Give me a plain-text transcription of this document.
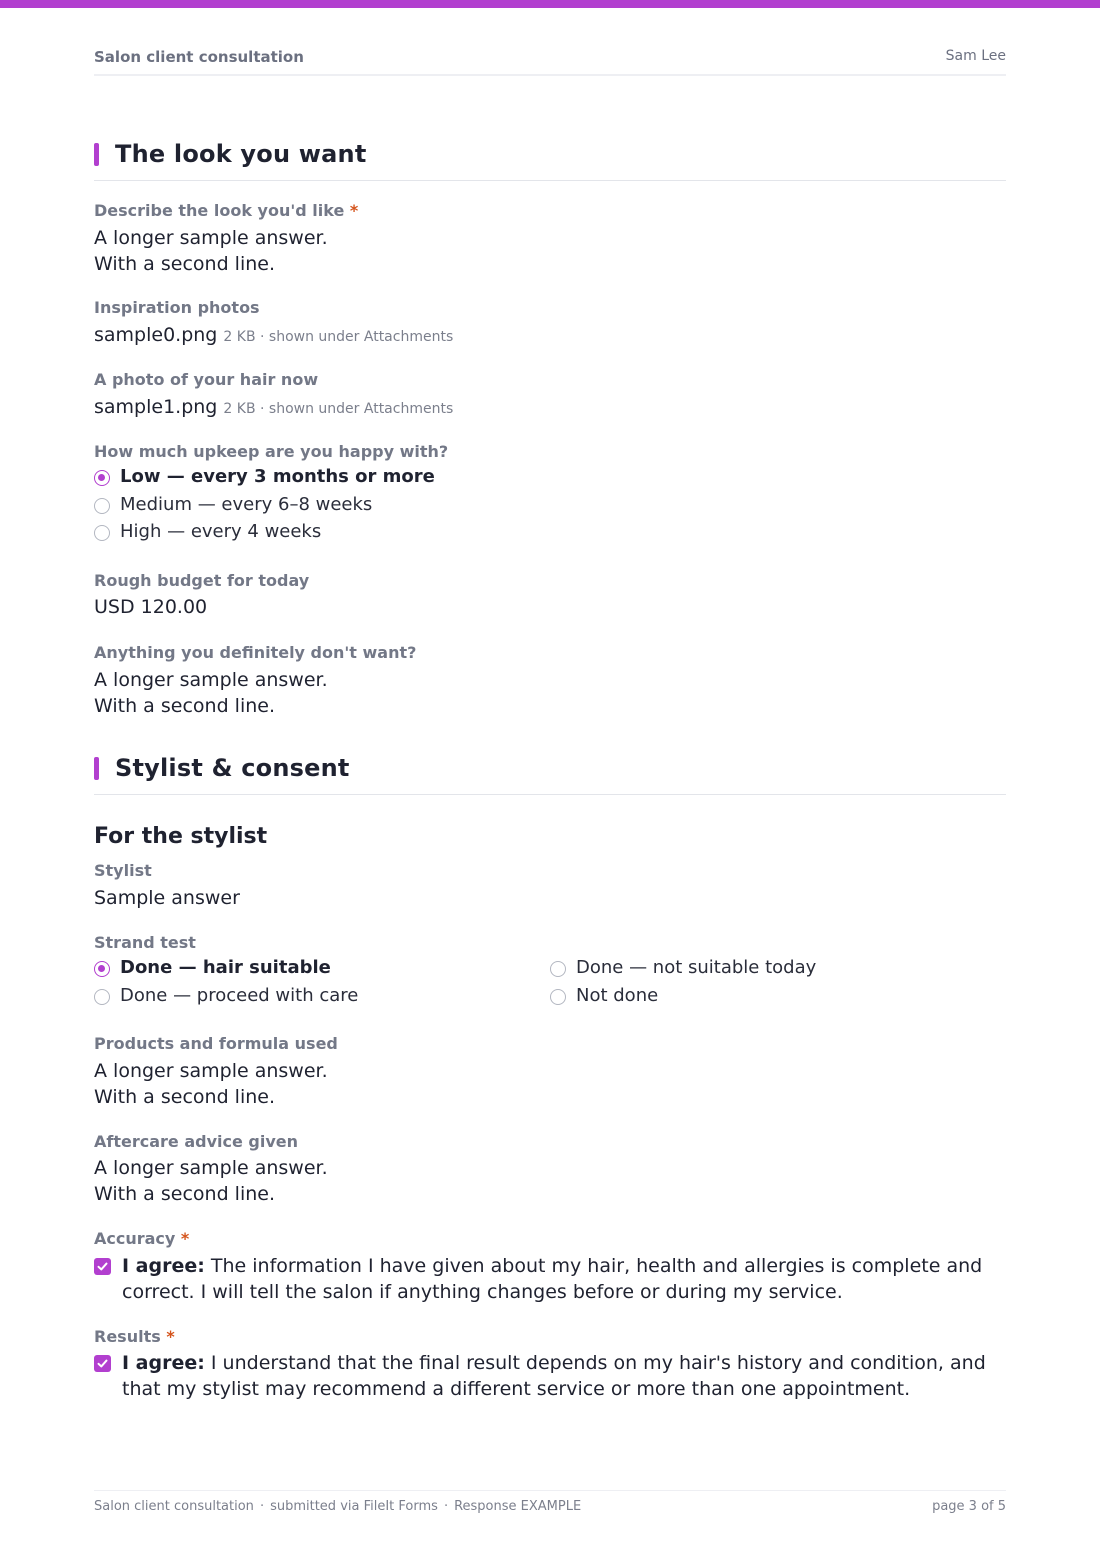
Salon client consultation	Sam Lee
The look you want
Describe the look you'd like *
A longer sample answer.
With a second line.
Inspiration photos
sample0.png 2 KB · shown under Attachments
A photo of your hair now
sample1.png 2 KB · shown under Attachments
How much upkeep are you happy with?
Low — every 3 months or more
Medium — every 6–8 weeks
High — every 4 weeks
Rough budget for today
USD 120.00
Anything you definitely don't want?
A longer sample answer.
With a second line.
Stylist & consent
For the stylist
Stylist
Sample answer
Strand test
Done — hair suitable	Done — not suitable today
Done — proceed with care	Not done
Products and formula used
A longer sample answer.
With a second line.
Aftercare advice given
A longer sample answer.
With a second line.
Accuracy *
I agree: The information I have given about my hair, health and allergies is complete and correct. I will tell the salon if anything changes before or during my service.
Results *
I agree: I understand that the final result depends on my hair's history and condition, and that my stylist may recommend a different service or more than one appointment.
Salon client consultation · submitted via FileIt Forms · Response EXAMPLE	page 3 of 5
